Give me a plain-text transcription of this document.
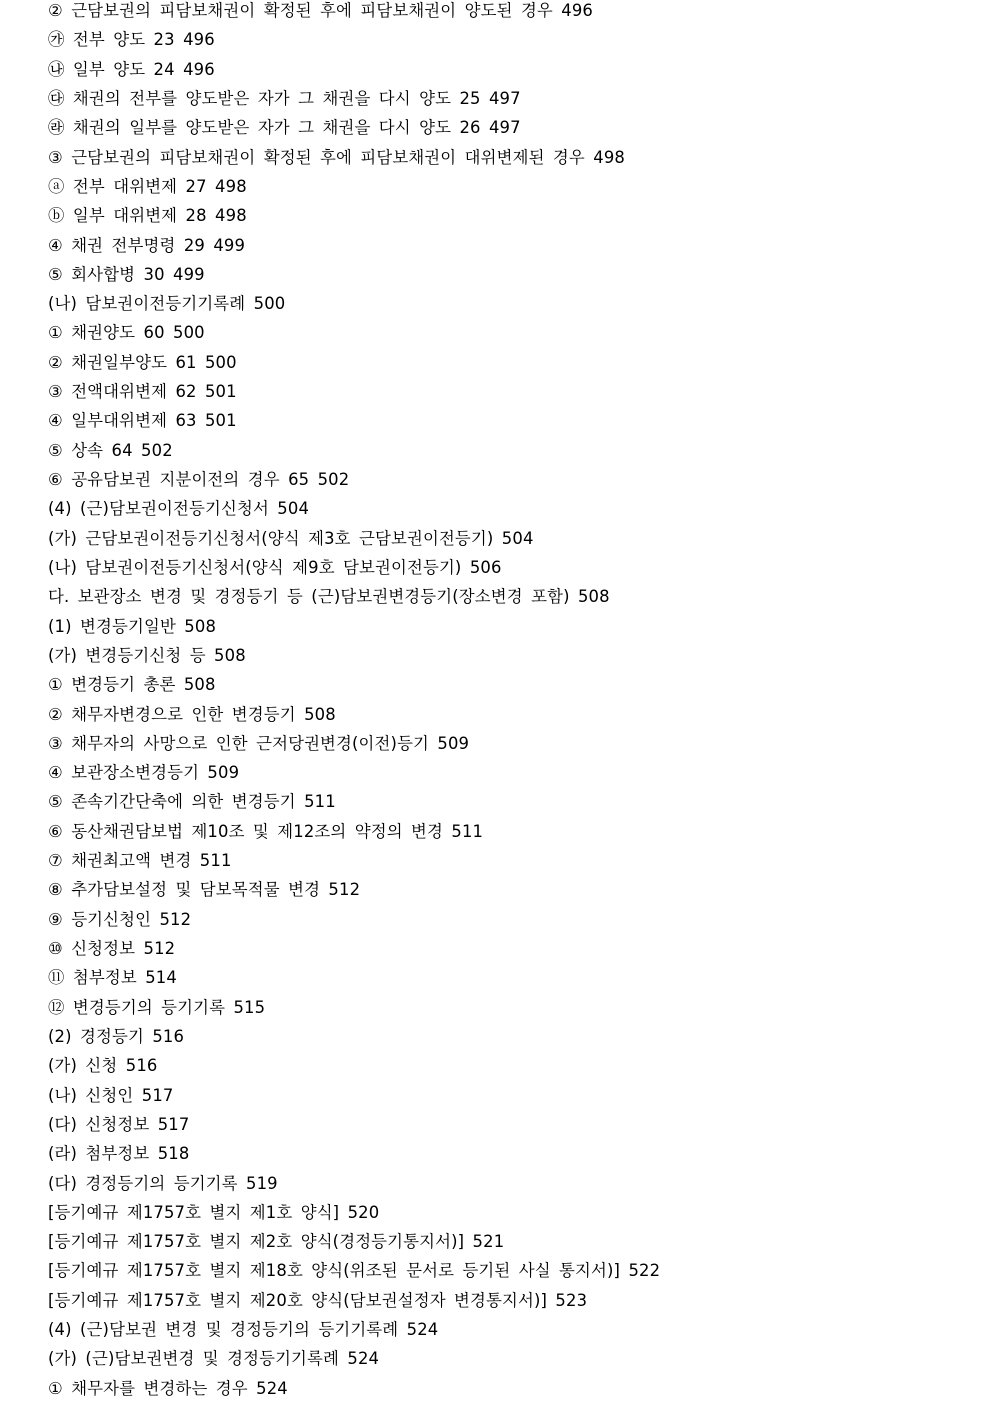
② 근담보권의 피담보채권이 확정된 후에 피담보채권이 양도된 경우 496
㉮ 전부 양도 23 496
㉯ 일부 양도 24 496
㉰ 채권의 전부를 양도받은 자가 그 채권을 다시 양도 25 497
㉱ 채권의 일부를 양도받은 자가 그 채권을 다시 양도 26 497
③ 근담보권의 피담보채권이 확정된 후에 피담보채권이 대위변제된 경우 498
ⓐ 전부 대위변제 27 498
ⓑ 일부 대위변제 28 498
④ 채권 전부명령 29 499
⑤ 회사합병 30 499
(나) 담보권이전등기기록례 500
① 채권양도 60 500
② 채권일부양도 61 500
③ 전액대위변제 62 501
④ 일부대위변제 63 501
⑤ 상속 64 502
⑥ 공유담보권 지분이전의 경우 65 502
(4) (근)담보권이전등기신청서 504
(가) 근담보권이전등기신청서(양식 제3호 근담보권이전등기) 504
(나) 담보권이전등기신청서(양식 제9호 담보권이전등기) 506
다. 보관장소 변경 및 경정등기 등 (근)담보권변경등기(장소변경 포함) 508
(1) 변경등기일반 508
(가) 변경등기신청 등 508
① 변경등기 총론 508
② 채무자변경으로 인한 변경등기 508
③ 채무자의 사망으로 인한 근저당권변경(이전)등기 509
④ 보관장소변경등기 509
⑤ 존속기간단축에 의한 변경등기 511
⑥ 동산채권담보법 제10조 및 제12조의 약정의 변경 511
⑦ 채권최고액 변경 511
⑧ 추가담보설정 및 담보목적물 변경 512
⑨ 등기신청인 512
⑩ 신청정보 512
⑪ 첨부정보 514
⑫ 변경등기의 등기기록 515
(2) 경정등기 516
(가) 신청 516
(나) 신청인 517
(다) 신청정보 517
(라) 첨부정보 518
(다) 경정등기의 등기기록 519
[등기예규 제1757호 별지 제1호 양식] 520
[등기예규 제1757호 별지 제2호 양식(경정등기통지서)] 521
[등기예규 제1757호 별지 제18호 양식(위조된 문서로 등기된 사실 통지서)] 522
[등기예규 제1757호 별지 제20호 양식(담보권설정자 변경통지서)] 523
(4) (근)담보권 변경 및 경정등기의 등기기록례 524
(가) (근)담보권변경 및 경정등기기록례 524
① 채무자를 변경하는 경우 524
